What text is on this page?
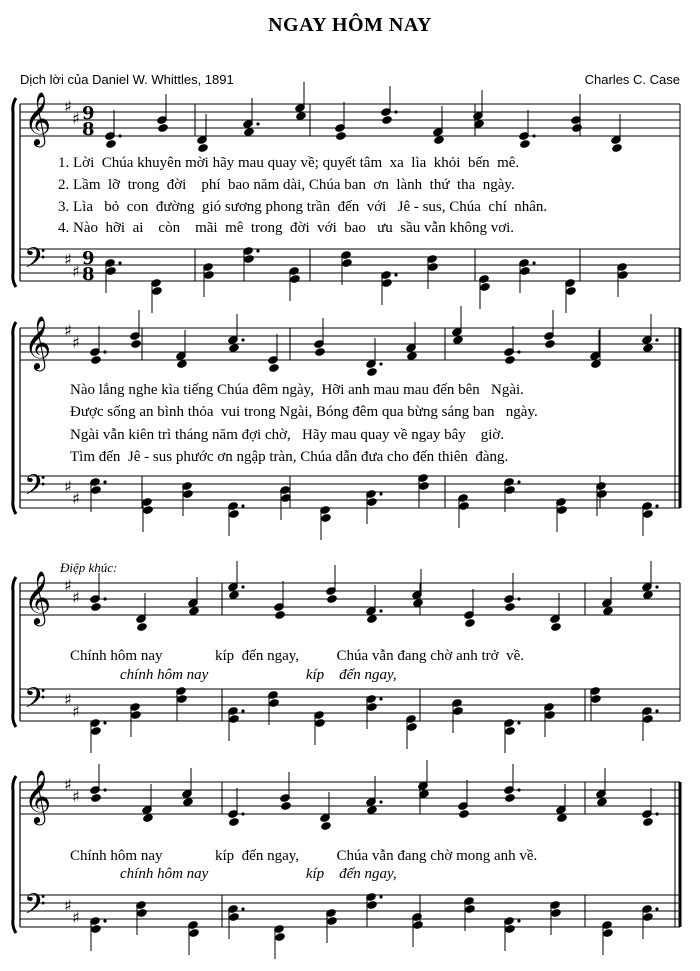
NGAY HÔM NAY
Dịch lời của Daniel W. Whittles, 1891	Charles C. Case
𝄞
𝄢
♯
♯
♯
♯
9
8
9
8
𝄞
𝄢
♯
♯
♯
♯
𝄞
𝄢
♯
♯
♯
♯
𝄞
𝄢
♯
♯
♯
♯
1. Lời  Chúa khuyên mời hãy mau quay về; quyết tâm  xa  lìa  khỏi  bến  mê.
2. Lầm  lỡ  trong  đời    phí  bao năm dài, Chúa ban  ơn  lành  thứ  tha  ngày.
3. Lìa   bỏ  con  đường  gió sương phong trần  đến  với   Jê - sus, Chúa  chí  nhân.
4. Nào  hỡi  ai    còn    mãi  mê  trong  đời  với  bao   ưu  sầu vẫn không vơi.
Nào lắng nghe kìa tiếng Chúa đêm ngày,  Hỡi anh mau mau đến bên   Ngài.
Được sống an bình thỏa  vui trong Ngài, Bóng đêm qua bừng sáng ban   ngày.
Ngài vẫn kiên trì tháng năm đợi chờ,   Hãy mau quay về ngay bây    giờ.
Tìm đến  Jê - sus phước ơn ngập tràn, Chúa dẫn đưa cho đến thiên  đàng.
Điệp khúc:
Chính hôm nay              kíp  đến ngay,          Chúa vẫn đang chờ anh trở  về.
chính hôm nay                          kíp    đến ngay,
Chính hôm nay              kíp  đến ngay,          Chúa vẫn đang chờ mong anh về.
chính hôm nay                          kíp    đến ngay,
